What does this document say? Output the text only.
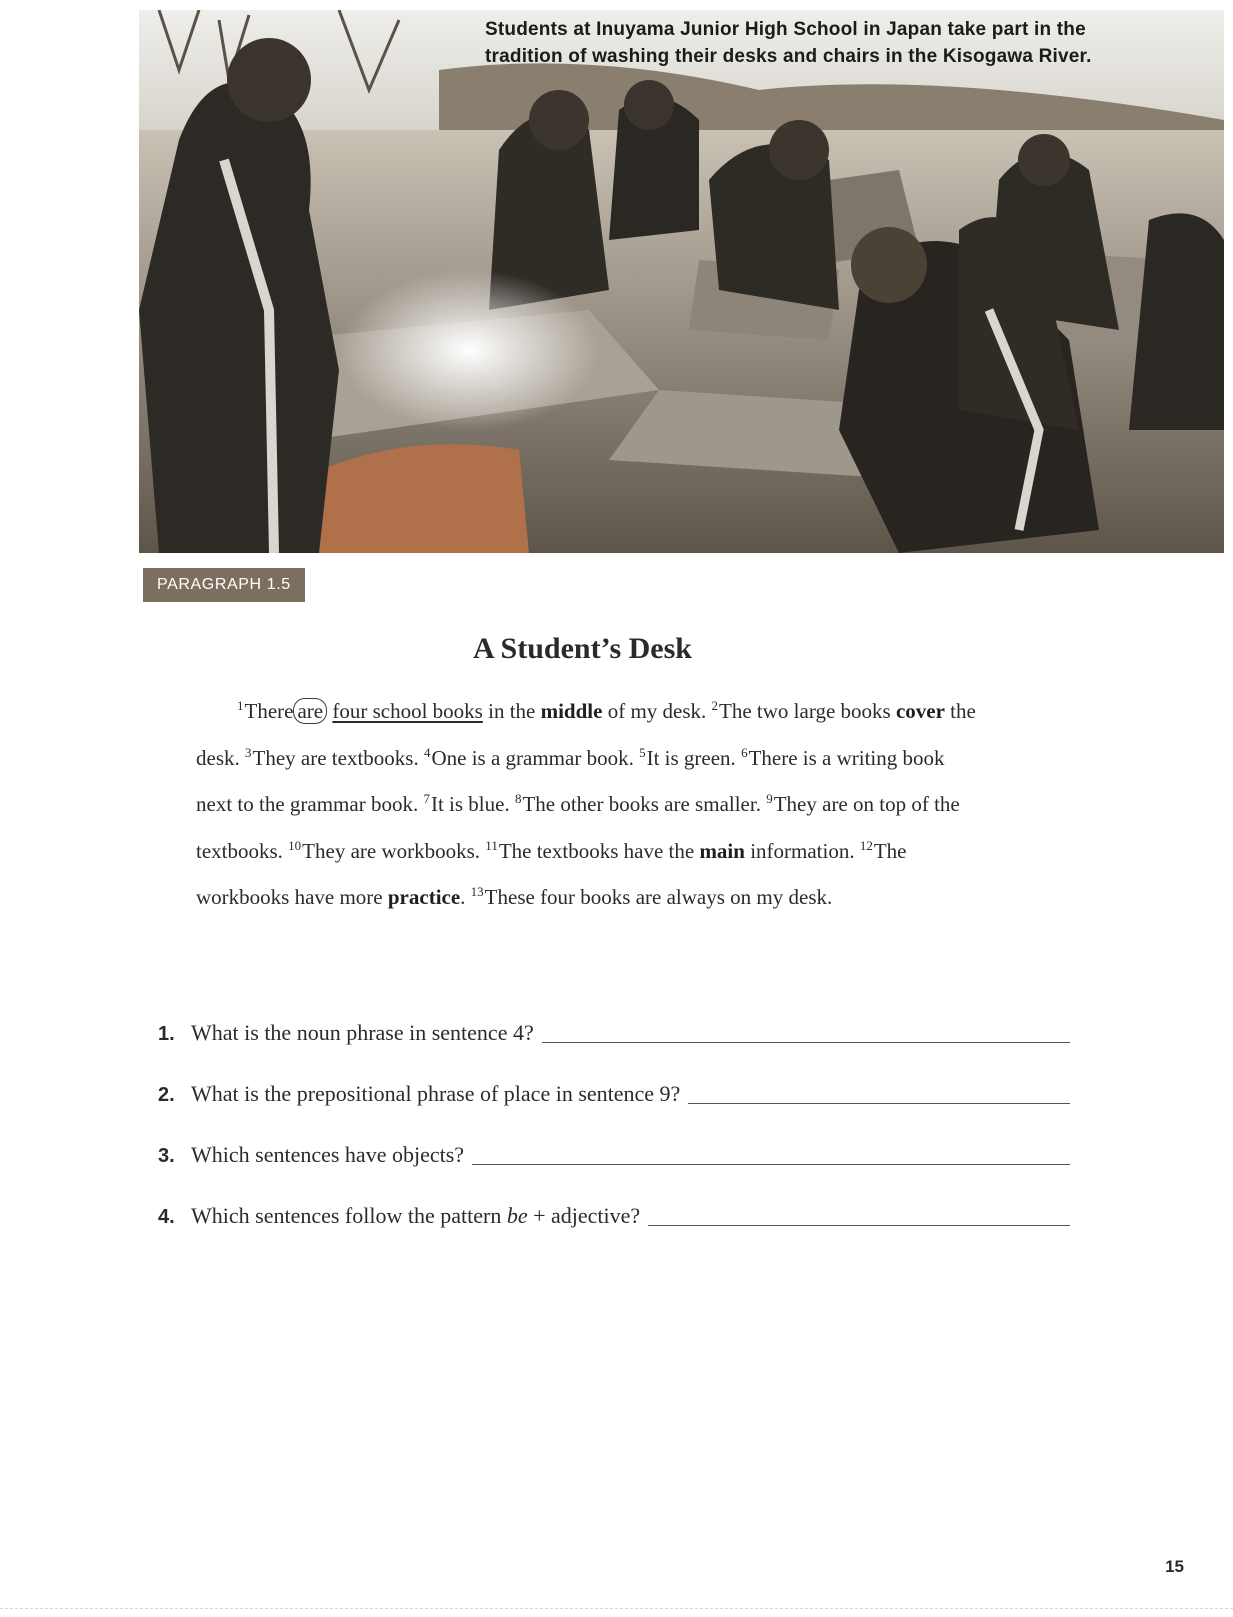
Students at Inuyama Junior High School in Japan take part in the
tradition of washing their desks and chairs in the Kisogawa River.

PARAGRAPH 1.5
A Student’s Desk

$^1$There are four school books in the middle of my desk. $^2$The two large books cover the desk. $^3$They are textbooks. $^4$One is a grammar book. $^5$It is green. $^6$There is a writing book next to the grammar book. $^7$It is blue. $^8$The other books are smaller. $^9$They are on top of the textbooks. $^{10}$They are workbooks. $^{11}$The textbooks have the main information. $^{12}$The workbooks have more practice. $^{13}$These four books are always on my desk.

1. What is the noun phrase in sentence 4?
2. What is the prepositional phrase of place in sentence 9?
3. Which sentences have objects?
4. Which sentences follow the pattern be + adjective?
15
